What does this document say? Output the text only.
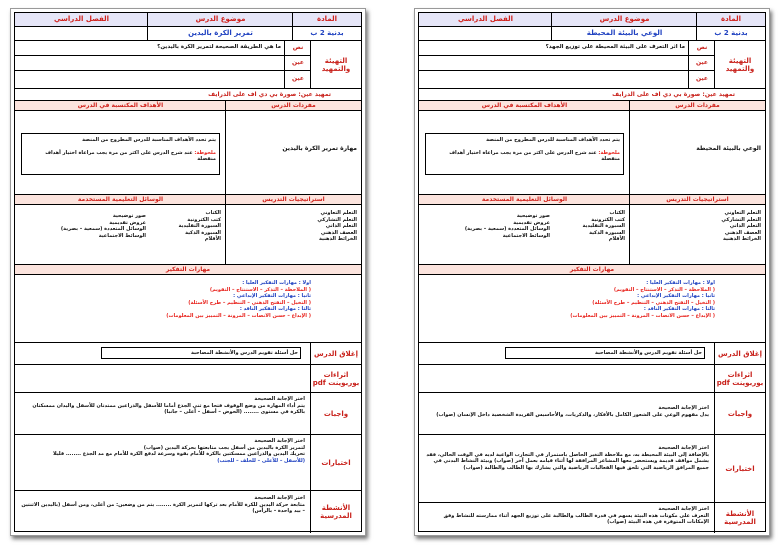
المادة
موضوع الدرس
الفصل الدراسي
بدنية 2 ب
الوعي بالبيئة المحيطة
التهيئة والتمهيد
نص
عين
عين
ما اثر التعرف على البيئة المحيطة على توزيع الجهد؟
تمهيد عين: صورة بي دي اف على الدرايف
مفردات الدرس
الأهداف المكتسبة في الدرس
الوعي بالبيئة المحيطة
يتم تحدد الأهداف المناسبة للدرس المطروح من المنصة
ملحوظة: عند شرح الدرس على اكثر من مرة يجب مراعاة اختيار أهداف منفصلة
استراتيجيات التدريس
الوسائل التعليمية المستخدمة
التعلم التعاوني
التعلم التشاركي
التعلم الذاتي
العصف الذهني
الخرائط الذهنية
الكتاب
كتب الكترونية
السبورة التقليدية
السبورة الذكية
الأقلام
صور توضيحية
عروض تقديمية
الوسائل المتعددة (سمعية – بصرية)
الوسائط الاجتماعية
مهارات التفكير
أولا : مهارات التفكير العليا :
( الملاحظة – التذكر – الاستنتاج – التقويم)
ثانيا : مهارات التفكير الإبداعي :
( التخيل – التفتح الذهني – التنظيم – طرح الأسئلة)
ثالثا : مهارات التفكير الناقد :
( الإبداع – حسن الانصات – المرونة – التمييز بين المعلومات)
إغلاق الدرس
حل أسئلة تقويم الدرس والأنشطة المصاحبة
اثراءات
بوربوينت pdf
واجبات
اختر الإجابة الصحيحة
يدل مفهوم الوعي على الشعور الكامل بالأفكار، والذكريات، والأحاسيس الفريدة الشخصية داخل الإنسان (صواب)
اختبارات
اختر الإجابة الصحيحة
بالإضافة إلى البيئة المحيطة به، مع ملاحظة التغير الحاصل باستمرار في التجارب الواعية لديه في الوقت الحالي، فقد يشمل مواقف قديمة ويستحضر معها المشاعر المرافقة لها أثناء قيامه بعمل آخر (صواب) وبيئة النشاط البدني في جميع المرافق الرياضية التي تلحق فيها الفعاليات الرياضية والتي يشارك بها الطالب والطالبة (صواب)
الأنشطة المدرسية
اختر الإجابة الصحيحة
التعرف على مكونات هذه البيئة يسهم في قدرة الطالب والطالبة على توزيع الجهد أثناء ممارسته للنشاط وفق الإمكانات المتوفرة في هذه البيئة (صواب)
المادة
موضوع الدرس
الفصل الدراسي
بدنية 2 ب
تمرير الكرة باليدين
التهيئة والتمهيد
نص
عين
عين
ما هي الطريقة الصحيحة لتمرير الكرة باليدين؟
تمهيد عين: صورة بي دي اف على الدرايف
مفردات الدرس
الأهداف المكتسبة في الدرس
مهارة تمرير الكرة باليدين
يتم تحدد الأهداف المناسبة للدرس المطروح من المنصة
ملحوظة: عند شرح الدرس على اكثر من مرة يجب مراعاة اختيار أهداف منفصلة
استراتيجيات التدريس
الوسائل التعليمية المستخدمة
التعلم التعاوني
التعلم التشاركي
التعلم الذاتي
العصف الذهني
الخرائط الذهنية
الكتاب
كتب الكترونية
السبورة التقليدية
السبورة الذكية
الأقلام
صور توضيحية
عروض تقديمية
الوسائل المتعددة (سمعية – بصرية)
الوسائط الاجتماعية
مهارات التفكير
أولا : مهارات التفكير العليا :
( الملاحظة – التذكر – الاستنتاج – التقويم)
ثانيا : مهارات التفكير الإبداعي :
( التخيل – التفتح الذهني – التنظيم – طرح الأسئلة)
ثالثا : مهارات التفكير الناقد :
( الإبداع – حسن الانصات – المرونة – التمييز بين المعلومات)
إغلاق الدرس
حل أسئلة تقويم الدرس والأنشطة المصاحبة
اثراءات
بوربوينت pdf
واجبات
اختر الإجابة الصحيحة
يتم أداء المهارة من وضع الوقوف فتحا مع ثني الجذع أماما للأسفل والذراعين ممتدتان للأسفل واليدان ممسكتان بالكرة في مستوى ........ (الحوض – أسفل – أعلى – جانبا)
اختبارات
اختر الإجابة الصحيحة
لتمرير الكرة باليدين من أسفل يجب متابعتها بحركة اليدين (صواب)
تحريك اليدين والذراعين ممسكتين بالكرة للأمام بقوة وسرعة لدفع الكرة للأمام مع مد الجذع ........ قليلا
(للأسفل – للأعلى – للخلف – للجنب)
الأنشطة المدرسية
اختر الإجابة الصحيحة
متابعة حركة اليدين للكرة للأمام بعد تركها لتمرير الكرة ........ يتم من وضعين: من أعلى، ومن أسفل (باليدين الاثنتين – بيد واحدة – بالرأس)
